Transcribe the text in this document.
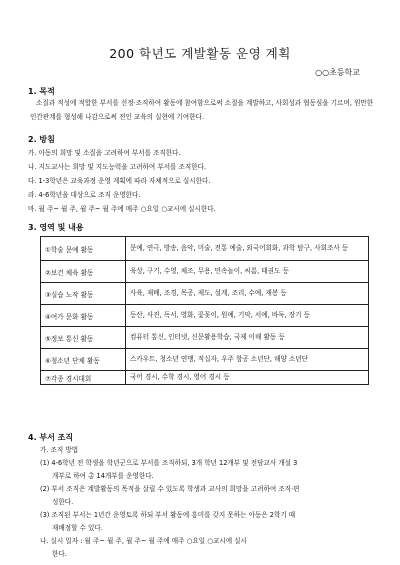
200 학년도 계발활동 운영 계획
○○초등학교
1. 목적
소질과 적성에 적합한 부서를 선정·조직하여 활동에 참여함으로써 소질을 계발하고, 사회성과 협동심을 기르며, 원만한 인간관계를 형성해 나감으로써 전인 교육의 실현에 기여한다.
2. 방침
가. 아동의 희망 및 소질을 고려하여 부서를 조직한다.
나. 지도교사는 희망 및 지도능력을 고려하여 부서를 조직한다.
다. 1-3학년은 교육과정 운영 계획에 따라 자체적으로 실시한다.
라. 4-6학년을 대상으로 조직 운영한다.
마. 월 주~ 월 주, 월 주~ 월 주에 매주 ○요일 ○교시에 실시한다.
3. 영역 및 내용
①학술 문예 활동	문예, 연극, 방송, 음악, 미술, 전통 예술, 외국어회화, 과학 탐구, 사회조사 등
②보건 체육 활동	육상, 구기, 수영, 체조, 무용, 민속놀이, 씨름, 태권도 등
③실습 노작 활동	사육, 재배, 조경, 목공, 제도, 설계, 조리, 수예, 재봉 등
④여가 문화 활동	등산, 사진, 독서, 영화, 꽃꽂이, 원예, 기악, 서예, 바둑, 장기 등
⑤정보 통신 활동	컴퓨터 통신, 인터넷, 신문활용학습, 국제 이해 활동 등
⑥청소년 단체 활동	스카우트, 청소년 연맹, 적십자, 우주 항공 소년단, 해양 소년단
⑦각종 경시대회	국어 경시, 수학 경시, 영어 경시 등
4. 부서 조직
가. 조직 방법
(1) 4-6학년 전 학생을 학년군으로 부서를 조직하되, 3개 학년 12개부 및 전담교사 개설 3
개부로 하여 총 14개부를 운영한다.
(2) 부서 조직은 계발활동의 목적을 살릴 수 있도록 학생과 교사의 희망을 고려하여 조직·편
성한다.
(3) 조직된 부서는 1년간 운영토록 하되 부서 활동에 흥미를 갖지 못하는 아동은 2학기 때
재배정할 수 있다.
나. 실시 일자 : 월 주~ 월 주, 월 주~ 월 주에 매주 ○요일 ○교시에 실시
한다.
